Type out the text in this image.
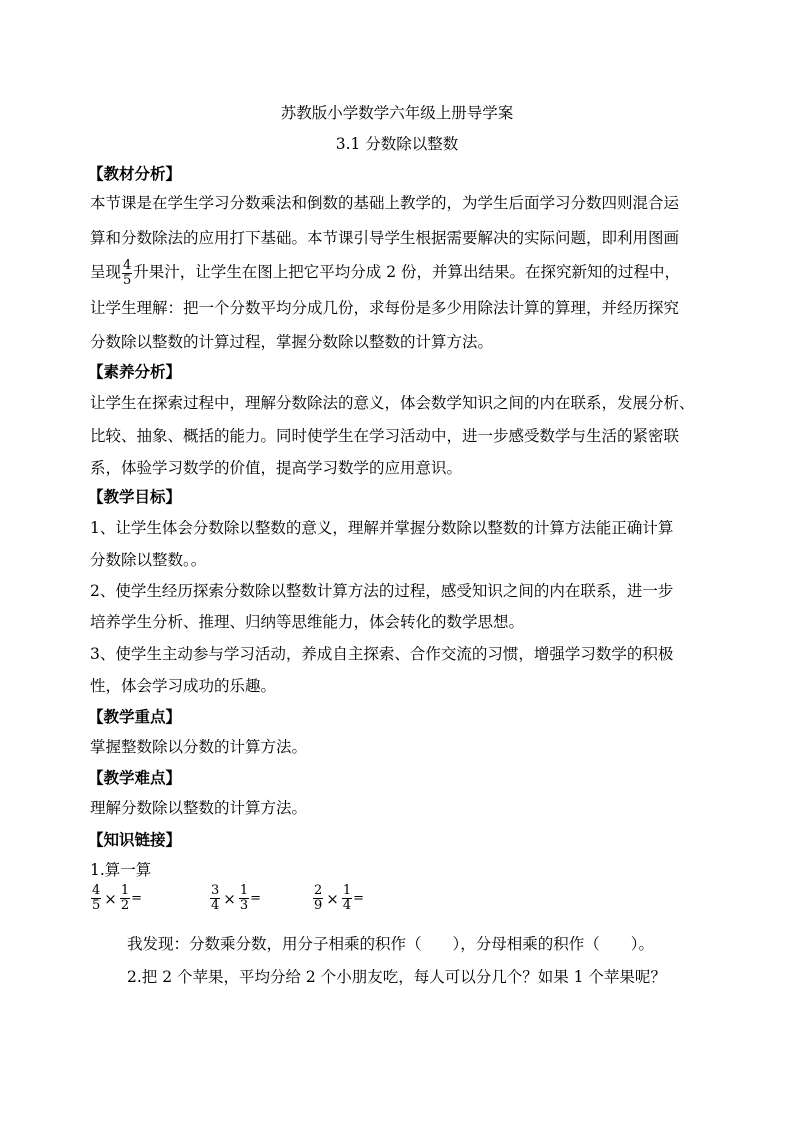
苏教版小学数学六年级上册导学案
3.1 分数除以整数
【教材分析】
本节课是在学生学习分数乘法和倒数的基础上教学的，为学生后面学习分数四则混合运
算和分数除法的应用打下基础。本节课引导学生根据需要解决的实际问题，即利用图画
呈现 $\frac{4}{5}$ 升果汁，让学生在图上把它平均分成 2 份，并算出结果。在探究新知的过程中，
让学生理解：把一个分数平均分成几份，求每份是多少用除法计算的算理，并经历探究
分数除以整数的计算过程，掌握分数除以整数的计算方法。
【素养分析】
让学生在探索过程中，理解分数除法的意义，体会数学知识之间的内在联系，发展分析、
比较、抽象、概括的能力。同时使学生在学习活动中，进一步感受数学与生活的紧密联
系，体验学习数学的价值，提高学习数学的应用意识。
【教学目标】
1、让学生体会分数除以整数的意义，理解并掌握分数除以整数的计算方法能正确计算
分数除以整数。。
2、使学生经历探索分数除以整数计算方法的过程，感受知识之间的内在联系，进一步
培养学生分析、推理、归纳等思维能力，体会转化的数学思想。
3、使学生主动参与学习活动，养成自主探索、合作交流的习惯，增强学习数学的积极
性，体会学习成功的乐趣。
【教学重点】
掌握整数除以分数的计算方法。
【教学难点】
理解分数除以整数的计算方法。
【知识链接】
1.算一算
$\frac{4}{5} \times \frac{1}{2}$ =	$\frac{3}{4} \times \frac{1}{3}$ =	$\frac{2}{9} \times \frac{1}{4}$ =
我发现：分数乘分数，用分子相乘的积作（　　），分母相乘的积作（　　）。
2.把 2 个苹果，平均分给 2 个小朋友吃，每人可以分几个？如果 1 个苹果呢？
